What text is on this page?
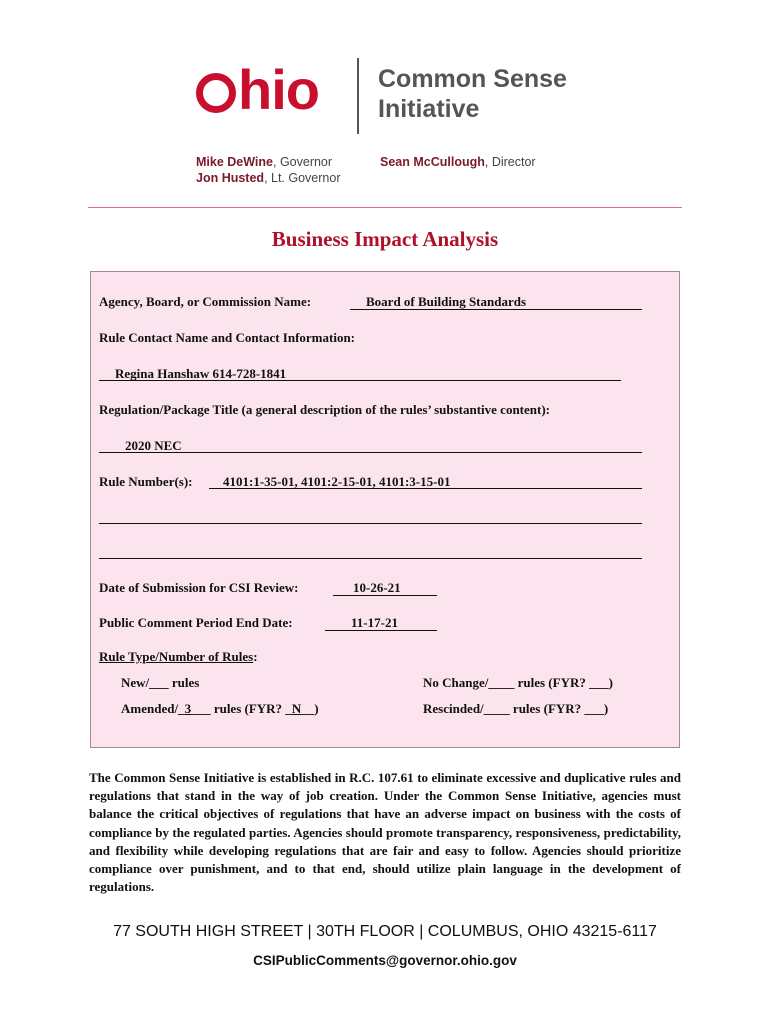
hio Common Sense
Initiative
Mike DeWine, Governor
Jon Husted, Lt. Governor
Sean McCullough, Director
Business Impact Analysis
Agency, Board, or Commission Name:	Board of Building Standards
Rule Contact Name and Contact Information:
Regina Hanshaw 614-728-1841
Regulation/Package Title (a general description of the rules’ substantive content):
2020 NEC
Rule Number(s): 4101:1-35-01, 4101:2-15-01, 4101:3-15-01
Date of Submission for CSI Review:	10-26-21
Public Comment Period End Date:	11-17-21
Rule Type/Number of Rules:
New/___ rules	No Change/____ rules (FYR? ___)
Amended/_3___ rules (FYR? _N__)	Rescinded/____ rules (FYR? ___)
The Common Sense Initiative is established in R.C. 107.61 to eliminate excessive and duplicative rules and regulations that stand in the way of job creation. Under the Common Sense Initiative, agencies must balance the critical objectives of regulations that have an adverse impact on business with the costs of compliance by the regulated parties. Agencies should promote transparency, responsiveness, predictability, and flexibility while developing regulations that are fair and easy to follow. Agencies should prioritize compliance over punishment, and to that end, should utilize plain language in the development of regulations.
77 SOUTH HIGH STREET | 30TH FLOOR | COLUMBUS, OHIO 43215-6117
CSIPublicComments@governor.ohio.gov
